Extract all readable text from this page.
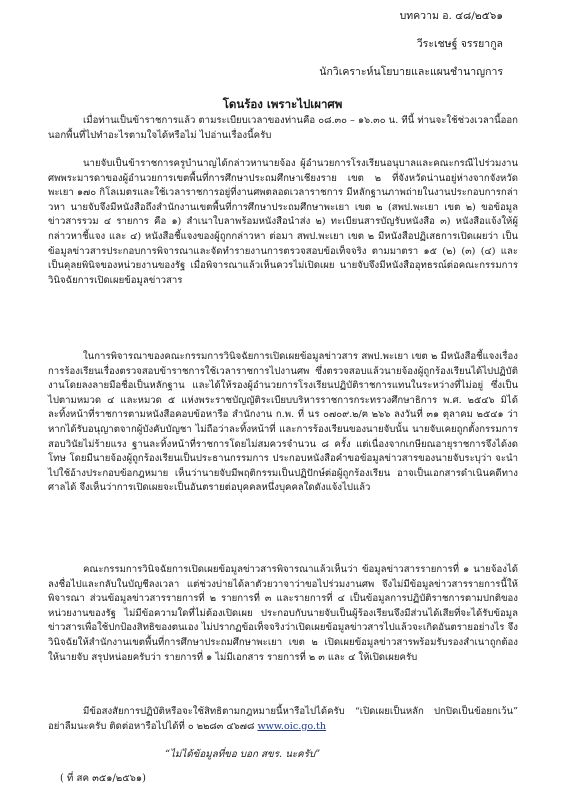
บทความ อ. ๔๘/๒๕๖๑
วีระเชษฐ์ จรรยากูล
นักวิเคราะห์นโยบายและแผนชำนาญการ
โดนร้อง เพราะไปเผาศพ

เมื่อท่านเป็นข้าราชการแล้ว ตามระเบียบเวลาของท่านคือ ๐๘.๓๐ – ๑๖.๓๐ น. ทีนี้ ท่านจะใช้ช่วงเวลานี้ออกนอกพื้นที่ไปทำอะไรตามใจได้หรือไม่ ไปอ่านเรื่องนี้ครับ

นายจับเป็นข้าราชการครูบำนาญได้กล่าวหานายจ้อง ผู้อำนวยการโรงเรียนอนุบาลและคณะกรณีไปร่วมงานศพพระมารดาของผู้อำนวยการเขตพื้นที่การศึกษาประถมศึกษาเชียงราย เขต ๒ ที่จังหวัดน่านอยู่ห่างจากจังหวัดพะเยา ๑๗๐ กิโลเมตรและใช้เวลาราชการอยู่ที่งานศพตลอดเวลาราชการ มีหลักฐานภาพถ่ายในงานประกอบการกล่าวหา นายจับจึงมีหนังสือถึงสำนักงานเขตพื้นที่การศึกษาประถมศึกษาพะเยา เขต ๒ (สพป.พะเยา เขต ๒) ขอข้อมูลข่าวสารรวม ๔ รายการ คือ ๑) สำเนาใบลาพร้อมหนังสือนำส่ง ๒) ทะเบียนสารบัญรับหนังสือ ๓) หนังสือแจ้งให้ผู้กล่าวหาชี้แจง และ ๔) หนังสือชี้แจงของผู้ถูกกล่าวหา ต่อมา สพป.พะเยา เขต ๒ มีหนังสือปฏิเสธการเปิดเผยว่า เป็นข้อมูลข่าวสารประกอบการพิจารณาและจัดทำรายงานการตรวจสอบข้อเท็จจริง ตามมาตรา ๑๕ (๒) (๓) (๔) และเป็นคุลยพินิจของหน่วยงานของรัฐ เมื่อพิจารณาแล้วเห็นควรไม่เปิดเผย นายจับจึงมีหนังสืออุทธรณ์ต่อคณะกรรมการวินิจฉัยการเปิดเผยข้อมูลข่าวสาร

ในการพิจารณาของคณะกรรมการวินิจฉัยการเปิดเผยข้อมูลข่าวสาร สพป.พะเยา เขต ๒ มีหนังสือชี้แจงเรื่องการร้องเรียนเรื่องตรวจสอบข้าราชการใช้เวลาราชการไปงานศพ ซึ่งตรวจสอบแล้วนายจ้องผู้ถูกร้องเรียนได้ไปปฏิบัติงานโดยลงลายมือชื่อเป็นหลักฐาน และได้ให้รองผู้อำนวยการโรงเรียนปฏิบัติราชการแทนในระหว่างที่ไม่อยู่ ซึ่งเป็นไปตามหมวด ๔ และหมวด ๕ แห่งพระราชบัญญัติระเบียบบริหารราชการกระทรวงศึกษาธิการ พ.ศ. ๒๕๔๖ มิได้ละทิ้งหน้าที่ราชการตามหนังสือคอบข้อหารือ สำนักงาน ก.พ. ที่ นร ๐๗๐๙.๒/ฅ ๒๖๖ ลงวันที่ ๓๑ ตุลาคม ๒๕๔๑ ว่าหากได้รับอนุญาตจากผู้บังคับบัญชา ไม่ถือว่าละทิ้งหน้าที่ และการร้องเรียนของนายจับนั้น นายจับเคยถูกตั้งกรรมการสอบวินัยไม่ร้ายแรง ฐานละทิ้งหน้าที่ราชการโดยไม่สมควรจำนวน ๘ ครั้ง แต่เนื่องจากเกษียณอายุราชการจึงได้งดโทษ โดยมีนายจ้องผู้ถูกร้องเรียนเป็นประธานกรรมการ ประกอบหนังสือคำขอข้อมูลข่าวสารของนายจับระบุว่า จะนำไปใช้อ้างประกอบข้อกฎหมาย เห็นว่านายจับมีพฤติกรรมเป็นปฏิปักษ์ต่อผู้ถูกร้องเรียน อาจเป็นเอกสารดำเนินคดีทางศาลได้ จึงเห็นว่าการเปิดเผยจะเป็นอันตรายต่อบุคคลหนึ่งบุคคลใดดังแจ้งไปแล้ว

คณะกรรมการวินิจฉัยการเปิดเผยข้อมูลข่าวสารพิจารณาแล้วเห็นว่า ข้อมูลข่าวสารรายการที่ ๑ นายจ้องได้ลงชื่อไปและกลับในบัญชีลงเวลา แต่ช่วงบ่ายได้ลาตัวยวาจาว่าขอไปร่วมงานศพ จึงไม่มีข้อมูลข่าวสารรายการนี้ให้พิจารณา ส่วนข้อมูลข่าวสารรายการที่ ๒ รายการที่ ๓ และรายการที่ ๔ เป็นข้อมูลการปฏิบัติราชการตามปกติของหน่วยงานของรัฐ ไม่มีข้อความใดที่ไม่ต้องเปิดเผย ประกอบกับนายจับเป็นผู้ร้องเรียนจึงมีส่วนได้เสียที่จะได้รับข้อมูลข่าวสารเพื่อใช้ปกป้องสิทธิของตนเอง ไม่ปรากฏข้อเท็จจริงว่าเปิดเผยข้อมูลข่าวสารไปแล้วจะเกิดอันตรายอย่างไร จึงวินิจฉัยให้สำนักงานเขตพื้นที่การศึกษาประถมศึกษาพะเยา เขต ๒ เปิดเผยข้อมูลข่าวสารพร้อมรับรองสำเนาถูกต้องให้นายจับ สรุปหน่อยครับว่า รายการที่ ๑ ไม่มีเอกสาร รายการที่ ๒ ๓ และ ๔ ให้เปิดเผยครับ

มีข้อสงสัยการปฏิบัติหรือจะใช้สิทธิตามกฎหมายนี้หารือไปได้ครับ “เปิดเผยเป็นหลัก ปกปิดเป็นข้อยกเว้น” อย่าลืมนะครับ ติดต่อหารือไปได้ที่ ๐ ๒๒๘๓ ๔๖๗๘ www.oic.go.th

“ไม่ได้ข้อมูลที่ขอ บอก สขร. นะครับ”
( ที่ สค ๓๕๑/๒๕๖๑)
